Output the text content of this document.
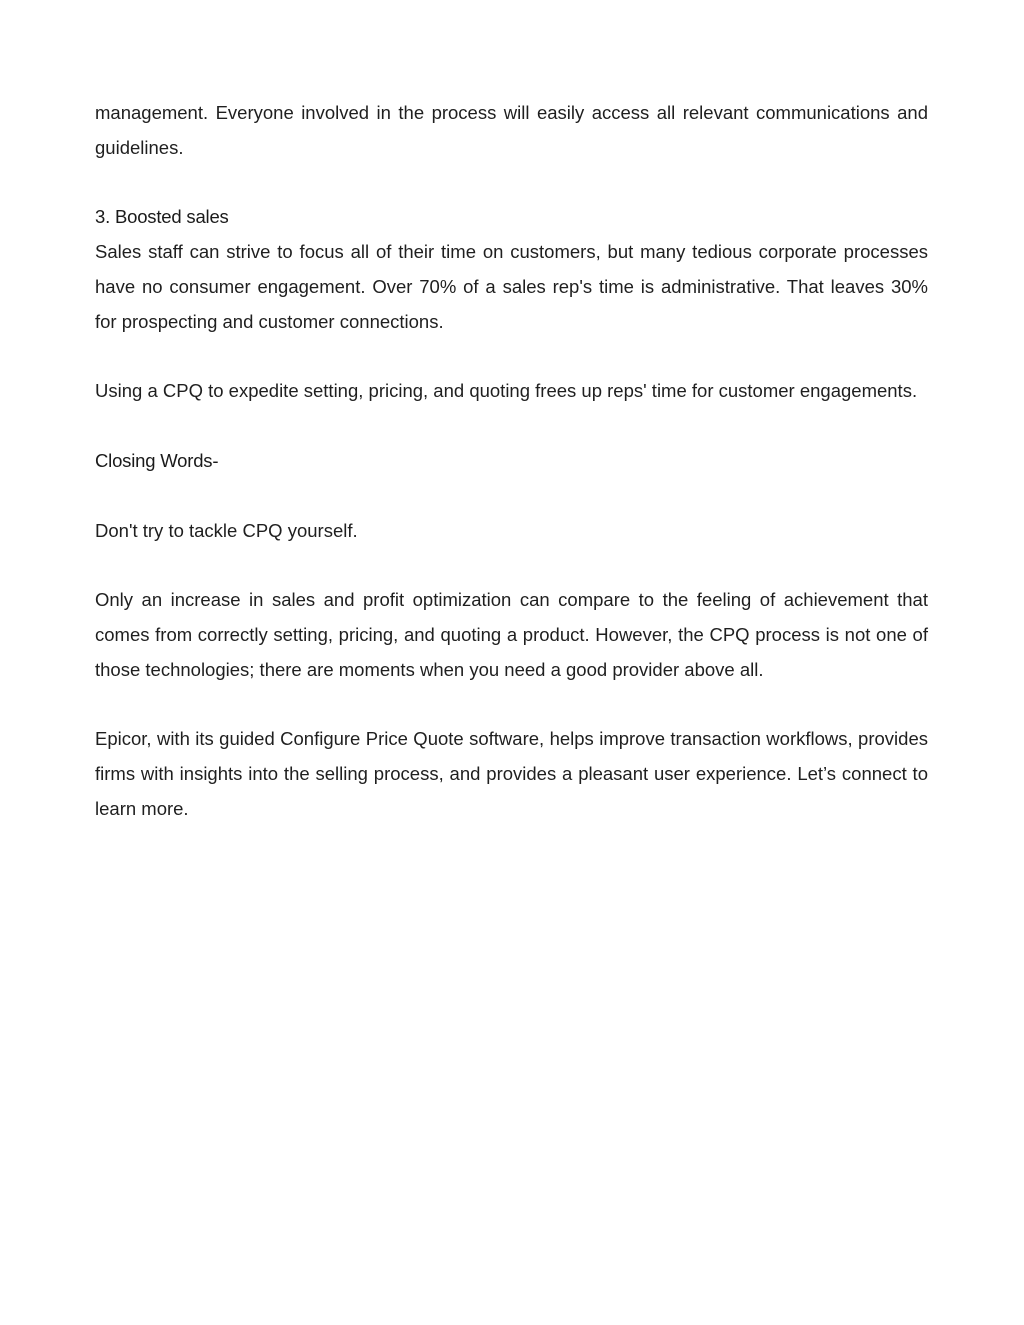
management. Everyone involved in the process will easily access all relevant communications and guidelines.

3. Boosted sales

Sales staff can strive to focus all of their time on customers, but many tedious corporate processes have no consumer engagement. Over 70% of a sales rep's time is administrative. That leaves 30% for prospecting and customer connections.

Using a CPQ to expedite setting, pricing, and quoting frees up reps' time for customer engagements.

Closing Words-

Don't try to tackle CPQ yourself.

Only an increase in sales and profit optimization can compare to the feeling of achievement that comes from correctly setting, pricing, and quoting a product. However, the CPQ process is not one of those technologies; there are moments when you need a good provider above all.

Epicor, with its guided Configure Price Quote software, helps improve transaction workflows, provides firms with insights into the selling process, and provides a pleasant user experience. Let’s connect to learn more.
